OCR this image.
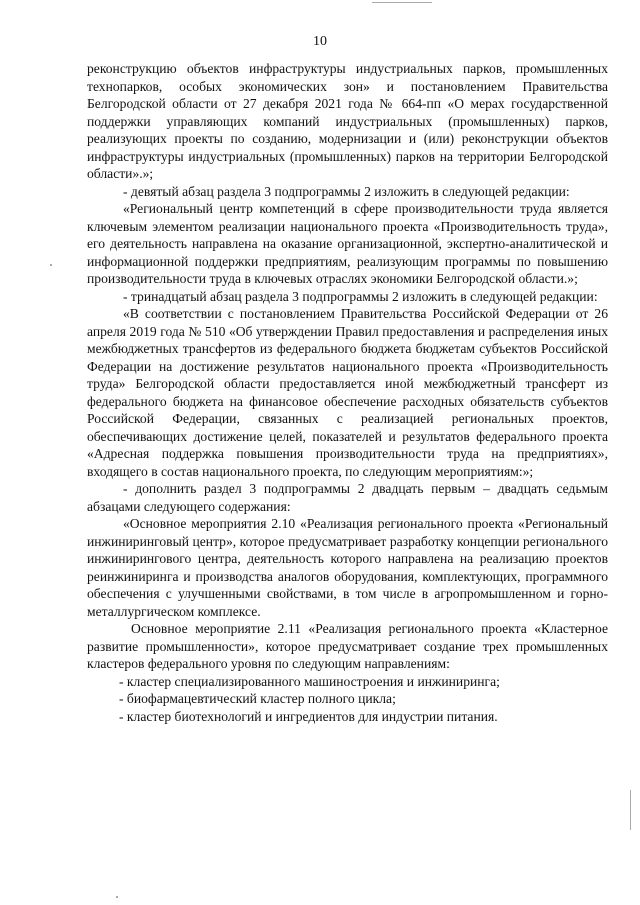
10

реконструкцию объектов инфраструктуры индустриальных парков, промышленных технопарков, особых экономических зон» и постановлением Правительства Белгородской области от 27 декабря 2021 года № 664-пп «О мерах государственной поддержки управляющих компаний индустриальных (промышленных) парков, реализующих проекты по созданию, модернизации и (или) реконструкции объектов инфраструктуры индустриальных (промышленных) парков на территории Белгородской области».»;

- девятый абзац раздела 3 подпрограммы 2 изложить в следующей редакции:

«Региональный центр компетенций в сфере производительности труда является ключевым элементом реализации национального проекта «Производительность труда», его деятельность направлена на оказание организационной, экспертно-аналитической и информационной поддержки предприятиям, реализующим программы по повышению производительности труда в ключевых отраслях экономики Белгородской области.»;

- тринадцатый абзац раздела 3 подпрограммы 2 изложить в следующей редакции:

«В соответствии с постановлением Правительства Российской Федерации от 26 апреля 2019 года № 510 «Об утверждении Правил предоставления и распределения иных межбюджетных трансфертов из федерального бюджета бюджетам субъектов Российской Федерации на достижение результатов национального проекта «Производительность труда» Белгородской области предоставляется иной межбюджетный трансферт из федерального бюджета на финансовое обеспечение расходных обязательств субъектов Российской Федерации, связанных с реализацией региональных проектов, обеспечивающих достижение целей, показателей и результатов федерального проекта «Адресная поддержка повышения производительности труда на предприятиях», входящего в состав национального проекта, по следующим мероприятиям:»;

- дополнить раздел 3 подпрограммы 2 двадцать первым – двадцать седьмым абзацами следующего содержания:

«Основное мероприятия 2.10 «Реализация регионального проекта «Региональный инжиниринговый центр», которое предусматривает разработку концепции регионального инжинирингового центра, деятельность которого направлена на реализацию проектов реинжиниринга и производства аналогов оборудования, комплектующих, программного обеспечения с улучшенными свойствами, в том числе в агропромышленном и горно-металлургическом комплексе.

Основное мероприятие 2.11 «Реализация регионального проекта «Кластерное развитие промышленности», которое предусматривает создание трех промышленных кластеров федерального уровня по следующим направлениям:

- кластер специализированного машиностроения и инжиниринга;

- биофармацевтический кластер полного цикла;

- кластер биотехнологий и ингредиентов для индустрии питания.
